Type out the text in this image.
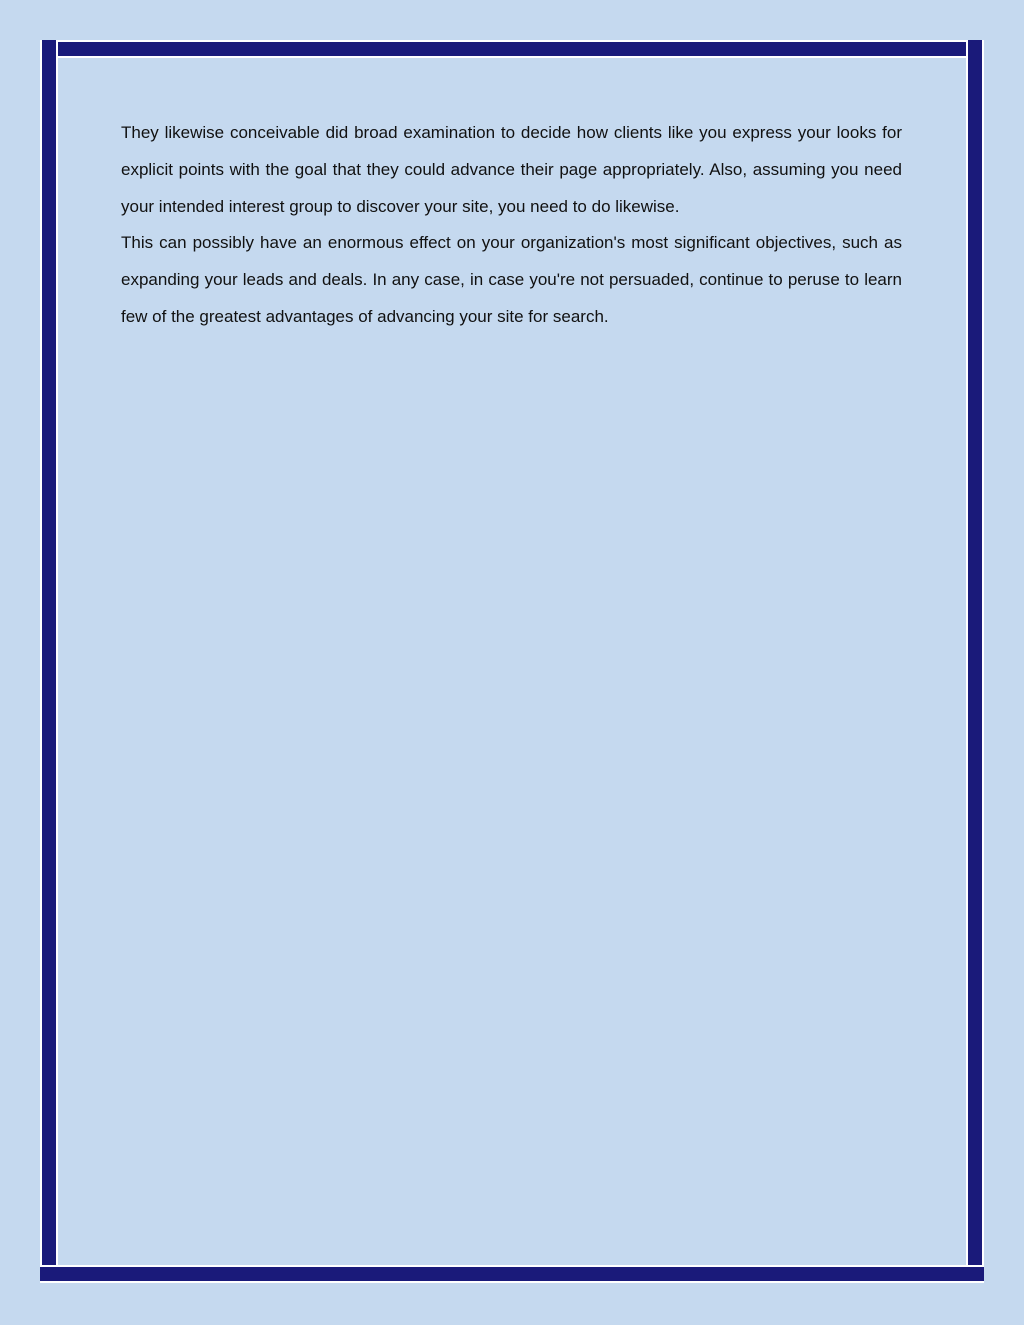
They likewise conceivable did broad examination to decide how clients like you express your looks for explicit points with the goal that they could advance their page appropriately. Also, assuming you need your intended interest group to discover your site, you need to do likewise.
This can possibly have an enormous effect on your organization's most significant objectives, such as expanding your leads and deals. In any case, in case you're not persuaded, continue to peruse to learn few of the greatest advantages of advancing your site for search.
